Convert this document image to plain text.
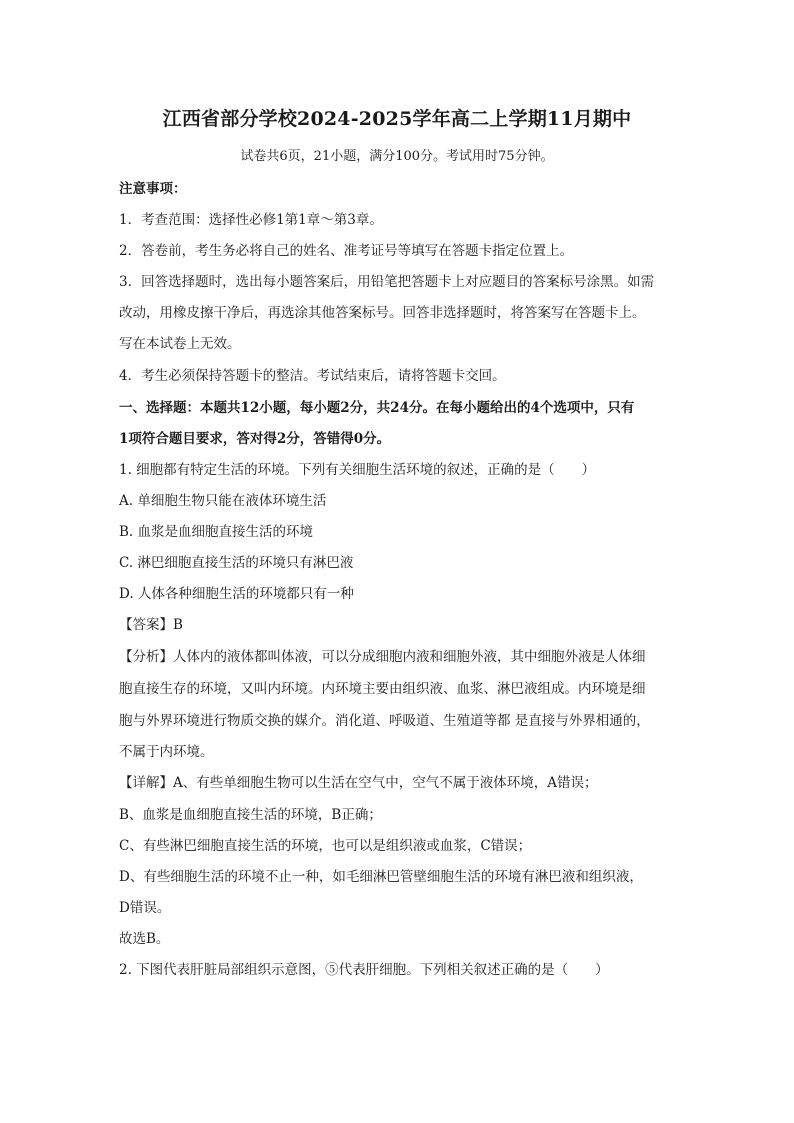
江西省部分学校2024-2025学年高二上学期11月期中
试卷共6页，21小题，满分100分。考试用时75分钟。
注意事项：
1．考查范围：选择性必修1第1章～第3章。
2．答卷前，考生务必将自己的姓名、准考证号等填写在答题卡指定位置上。
3．回答选择题时，选出每小题答案后，用铅笔把答题卡上对应题目的答案标号涂黑。如需
改动，用橡皮擦干净后，再选涂其他答案标号。回答非选择题时，将答案写在答题卡上。
写在本试卷上无效。
4．考生必须保持答题卡的整洁。考试结束后，请将答题卡交回。
一、选择题：本题共12小题，每小题2分，共24分。在每小题给出的4个选项中，只有
1项符合题目要求，答对得2分，答错得0分。
1. 细胞都有特定生活的环境。下列有关细胞生活环境的叙述，正确的是（　　）
A. 单细胞生物只能在液体环境生活
B. 血浆是血细胞直接生活的环境
C. 淋巴细胞直接生活的环境只有淋巴液
D. 人体各种细胞生活的环境都只有一种
【答案】B
【分析】人体内的液体都叫体液，可以分成细胞内液和细胞外液，其中细胞外液是人体细
胞直接生存的环境，又叫内环境。内环境主要由组织液、血浆、淋巴液组成。内环境是细
胞与外界环境进行物质交换的媒介。消化道、呼吸道、生殖道等都 是直接与外界相通的，
不属于内环境。
【详解】A、有些单细胞生物可以生活在空气中，空气不属于液体环境，A错误；
B、血浆是血细胞直接生活的环境，B正确；
C、有些淋巴细胞直接生活的环境，也可以是组织液或血浆，C错误；
D、有些细胞生活的环境不止一种，如毛细淋巴管壁细胞生活的环境有淋巴液和组织液，
D错误。
故选B。
2. 下图代表肝脏局部组织示意图，⑤代表肝细胞。下列相关叙述正确的是（　　）
